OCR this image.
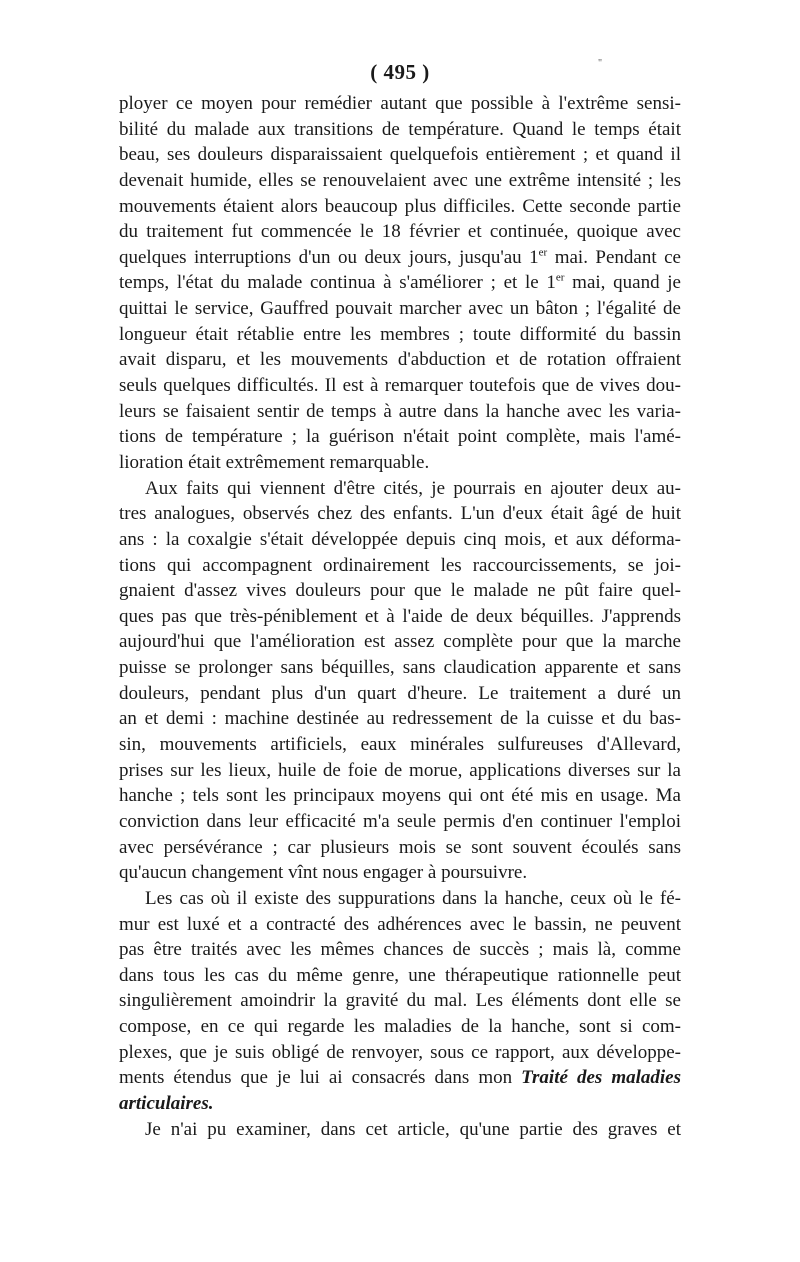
( 495 )	"
ployer ce moyen pour remédier autant que possible à l'extrême sensi-
bilité du malade aux transitions de température. Quand le temps était
beau, ses douleurs disparaissaient quelquefois entièrement ; et quand il
devenait humide, elles se renouvelaient avec une extrême intensité ; les
mouvements étaient alors beaucoup plus difficiles. Cette seconde partie
du traitement fut commencée le 18 février et continuée, quoique avec
quelques interruptions d'un ou deux jours, jusqu'au 1er mai. Pendant ce
temps, l'état du malade continua à s'améliorer ; et le 1er mai, quand je
quittai le service, Gauffred pouvait marcher avec un bâton ; l'égalité de
longueur était rétablie entre les membres ; toute difformité du bassin
avait disparu, et les mouvements d'abduction et de rotation offraient
seuls quelques difficultés. Il est à remarquer toutefois que de vives dou-
leurs se faisaient sentir de temps à autre dans la hanche avec les varia-
tions de température ; la guérison n'était point complète, mais l'amé-
lioration était extrêmement remarquable.
Aux faits qui viennent d'être cités, je pourrais en ajouter deux au-
tres analogues, observés chez des enfants. L'un d'eux était âgé de huit
ans : la coxalgie s'était développée depuis cinq mois, et aux déforma-
tions qui accompagnent ordinairement les raccourcissements, se joi-
gnaient d'assez vives douleurs pour que le malade ne pût faire quel-
ques pas que très-péniblement et à l'aide de deux béquilles. J'apprends
aujourd'hui que l'amélioration est assez complète pour que la marche
puisse se prolonger sans béquilles, sans claudication apparente et sans
douleurs, pendant plus d'un quart d'heure. Le traitement a duré un
an et demi : machine destinée au redressement de la cuisse et du bas-
sin, mouvements artificiels, eaux minérales sulfureuses d'Allevard,
prises sur les lieux, huile de foie de morue, applications diverses sur la
hanche ; tels sont les principaux moyens qui ont été mis en usage. Ma
conviction dans leur efficacité m'a seule permis d'en continuer l'emploi
avec persévérance ; car plusieurs mois se sont souvent écoulés sans
qu'aucun changement vînt nous engager à poursuivre.
Les cas où il existe des suppurations dans la hanche, ceux où le fé-
mur est luxé et a contracté des adhérences avec le bassin, ne peuvent
pas être traités avec les mêmes chances de succès ; mais là, comme
dans tous les cas du même genre, une thérapeutique rationnelle peut
singulièrement amoindrir la gravité du mal. Les éléments dont elle se
compose, en ce qui regarde les maladies de la hanche, sont si com-
plexes, que je suis obligé de renvoyer, sous ce rapport, aux développe-
ments étendus que je lui ai consacrés dans mon Traité des maladies
articulaires.
Je n'ai pu examiner, dans cet article, qu'une partie des graves et
